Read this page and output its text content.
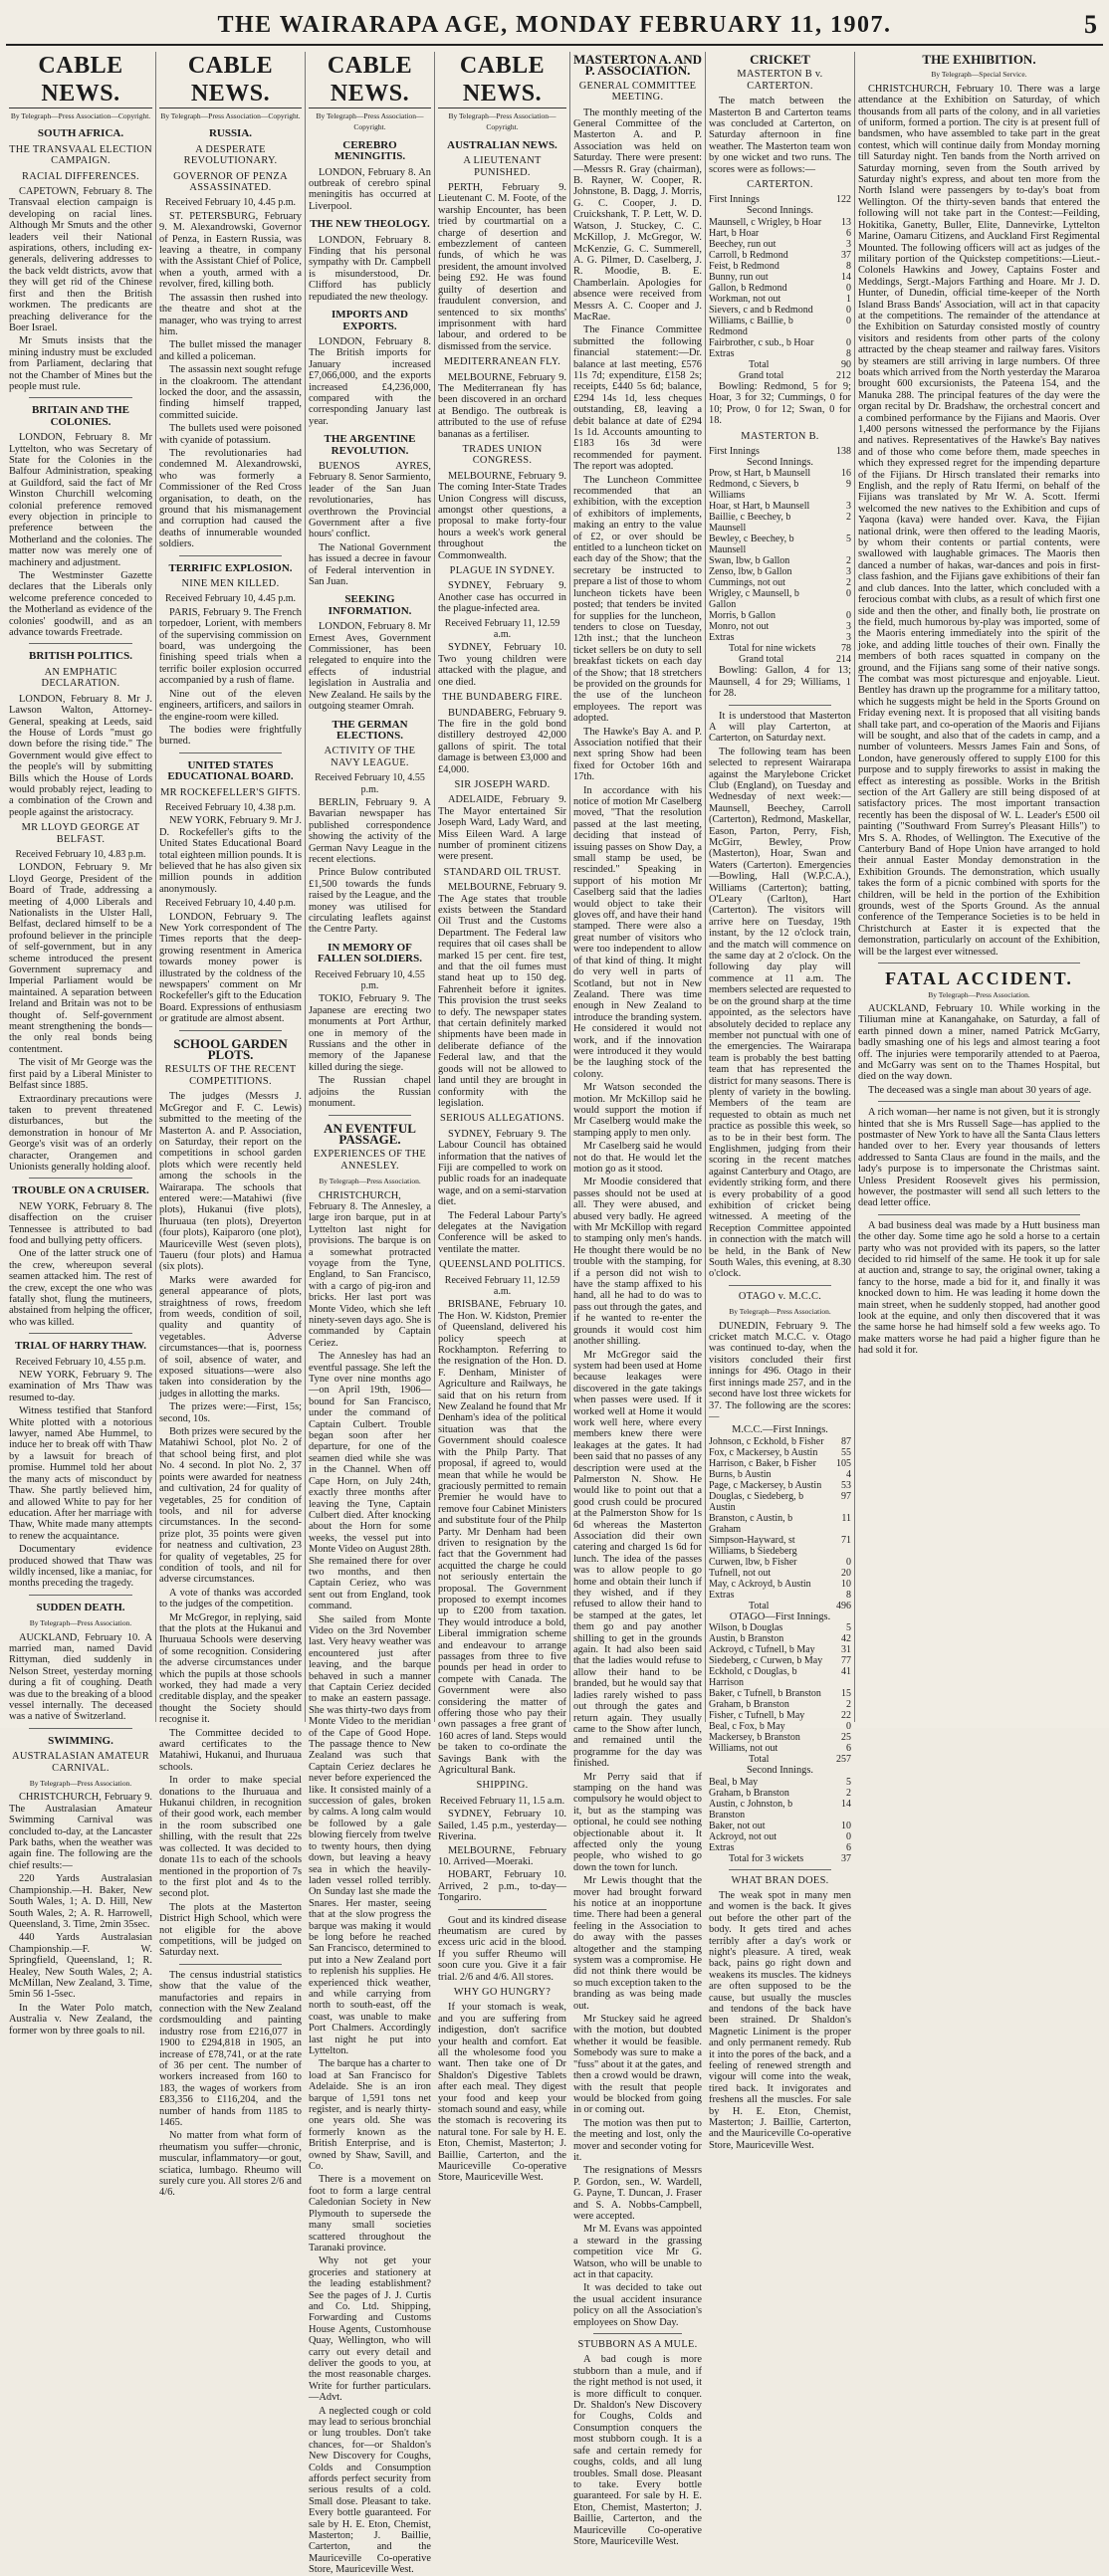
THE WAIRARAPA AGE, MONDAY FEBRUARY 11, 1907.	5
CABLE NEWS.
By Telegraph—Press Association—Copyright.
SOUTH AFRICA.
THE TRANSVAAL ELECTION CAMPAIGN.
RACIAL DIFFERENCES.

CAPETOWN, February 8. The Transvaal election campaign is developing on racial lines. Although Mr Smuts and the other leaders veil their National aspirations, others, including ex-generals, delivering addresses to the back veldt districts, avow that they will get rid of the Chinese first and then the British workmen. The predicants are preaching deliverance for the Boer Israel.

Mr Smuts insists that the mining industry must be excluded from Parliament, declaring that not the Chamber of Mines but the people must rule.

BRITAIN AND THE COLONIES.

LONDON, February 8. Mr Lyttelton, who was Secretary of State for the Colonies in the Balfour Administration, speaking at Guildford, said the fact of Mr Winston Churchill welcoming colonial preference removed every objection in principle to preference between the Motherland and the colonies. The matter now was merely one of machinery and adjustment.

The Westminster Gazette declares that the Liberals only welcome preference conceded to the Motherland as evidence of the colonies' goodwill, and as an advance towards Freetrade.

BRITISH POLITICS.
AN EMPHATIC DECLARATION.

LONDON, February 8. Mr J. Lawson Walton, Attorney-General, speaking at Leeds, said the House of Lords "must go down before the rising tide." The Government would give effect to the people's will by submitting Bills which the House of Lords would probably reject, leading to a combination of the Crown and people against the aristocracy.

MR LLOYD GEORGE AT BELFAST.
Received February 10, 4.83 p.m.

LONDON, February 9. Mr Lloyd George, President of the Board of Trade, addressing a meeting of 4,000 Liberals and Nationalists in the Ulster Hall, Belfast, declared himself to be a profound believer in the principle of self-government, but in any scheme introduced the present Government supremacy and Imperial Parliament would be maintained. A separation between Ireland and Britain was not to be thought of. Self-government meant strengthening the bonds—the only real bonds being contentment.

The visit of Mr George was the first paid by a Liberal Minister to Belfast since 1885.

Extraordinary precautions were taken to prevent threatened disturbances, but the demonstration in honour of Mr George's visit was of an orderly character, Orangemen and Unionists generally holding aloof.

TROUBLE ON A CRUISER.

NEW YORK, February 8. The disaffection on the cruiser Tennessee is attributed to bad food and bullying petty officers.

One of the latter struck one of the crew, whereupon several seamen attacked him. The rest of the crew, except the one who was fatally shot, flung the mutineers, abstained from helping the officer, who was killed.

TRIAL OF HARRY THAW.
Received February 10, 4.55 p.m.

NEW YORK, February 9. The examination of Mrs Thaw was resumed to-day.

Witness testified that Stanford White plotted with a notorious lawyer, named Abe Hummel, to induce her to break off with Thaw by a lawsuit for breach of promise. Hummel told her about the many acts of misconduct by Thaw. She partly believed him, and allowed White to pay for her education. After her marriage with Thaw, White made many attempts to renew the acquaintance.

Documentary evidence produced showed that Thaw was wildly incensed, like a maniac, for months preceding the tragedy.

SUDDEN DEATH.
By Telegraph—Press Association.

AUCKLAND, February 10. A married man, named David Rittyman, died suddenly in Nelson Street, yesterday morning during a fit of coughing. Death was due to the breaking of a blood vessel internally. The deceased was a native of Switzerland.

SWIMMING.
AUSTRALASIAN AMATEUR CARNIVAL.
By Telegraph—Press Association.

CHRISTCHURCH, February 9. The Australasian Amateur Swimming Carnival was concluded to-day, at the Lancaster Park baths, when the weather was again fine. The following are the chief results:—

220 Yards Australasian Championship.—H. Baker, New South Wales, 1; A. D. Hill, New South Wales, 2; A. R. Harrowell, Queensland, 3. Time, 2min 35sec.

440 Yards Australasian Championship.—F. W. Springfield, Queensland, 1; R. Healey, New South Wales, 2; A. McMillan, New Zealand, 3. Time, 5min 56 1-5sec.

In the Water Polo match, Australia v. New Zealand, the former won by three goals to nil.

CABLE NEWS.
By Telegraph—Press Association—Copyright.
RUSSIA.
A DESPERATE REVOLUTIONARY.
GOVERNOR OF PENZA ASSASSINATED.
Received February 10, 4.45 p.m.

ST. PETERSBURG, February 9. M. Alexandrowski, Governor of Penza, in Eastern Russia, was leaving a theatre, in company with the Assistant Chief of Police, when a youth, armed with a revolver, fired, killing both.

The assassin then rushed into the theatre and shot at the manager, who was trying to arrest him.

The bullet missed the manager and killed a policeman.

The assassin next sought refuge in the cloakroom. The attendant locked the door, and the assassin, finding himself trapped, committed suicide.

The bullets used were poisoned with cyanide of potassium.

The revolutionaries had condemned M. Alexandrowski, who was formerly a Commissioner of the Red Cross organisation, to death, on the ground that his mismanagement and corruption had caused the deaths of innumerable wounded soldiers.

TERRIFIC EXPLOSION.
NINE MEN KILLED.
Received February 10, 4.45 p.m.

PARIS, February 9. The French torpedoer, Lorient, with members of the supervising commission on board, was undergoing the finishing speed trials when a terrific boiler explosion occurred accompanied by a rush of flame.

Nine out of the eleven engineers, artificers, and sailors in the engine-room were killed.

The bodies were frightfully burned.

UNITED STATES EDUCATIONAL BOARD.
MR ROCKEFELLER'S GIFTS.
Received February 10, 4.38 p.m.

NEW YORK, February 9. Mr J. D. Rockefeller's gifts to the United States Educational Board total eighteen million pounds. It is believed that he has also given six million pounds in addition anonymously.

Received February 10, 4.40 p.m.

LONDON, February 9. The New York correspondent of The Times reports that the deep-growing resentment in America towards money power is illustrated by the coldness of the newspapers' comment on Mr Rockefeller's gift to the Education Board. Expressions of enthusiasm or gratitude are almost absent.

SCHOOL GARDEN PLOTS.
RESULTS OF THE RECENT COMPETITIONS.

The judges (Messrs J. McGregor and F. C. Lewis) submitted to the meeting of the Masterton A. and P. Association, on Saturday, their report on the competitions in school garden plots which were recently held among the schools in the Wairarapa. The schools that entered were:—Matahiwi (five plots), Hukanui (five plots), Ihuruaua (ten plots), Dreyerton (four plots), Kaiparoro (one plot), Mauriceville West (seven plots), Taueru (four plots) and Hamua (six plots).

Marks were awarded for general appearance of plots, straightness of rows, freedom from weeds, condition of soil, quality and quantity of vegetables. Adverse circumstances—that is, poorness of soil, absence of water, and exposed situations—were also taken into consideration by the judges in allotting the marks.

The prizes were:—First, 15s; second, 10s.

Both prizes were secured by the Matahiwi School, plot No. 2 of that school being first, and plot No. 4 second. In plot No. 2, 37 points were awarded for neatness and cultivation, 24 for quality of vegetables, 25 for condition of tools, and nil for adverse circumstances. In the second-prize plot, 35 points were given for neatness and cultivation, 23 for quality of vegetables, 25 for condition of tools, and nil for adverse circumstances.

A vote of thanks was accorded to the judges of the competition.

Mr McGregor, in replying, said that the plots at the Hukanui and Ihuruaua Schools were deserving of some recognition. Considering the adverse circumstances under which the pupils at those schools worked, they had made a very creditable display, and the speaker thought the Society should recognise it.

The Committee decided to award certificates to the Matahiwi, Hukanui, and Ihuruaua schools.

In order to make special donations to the Ihuruaua and Hukanui children, in recognition of their good work, each member in the room subscribed one shilling, with the result that 22s was collected. It was decided to donate 11s to each of the schools mentioned in the proportion of 7s to the first plot and 4s to the second plot.

The plots at the Masterton District High School, which were not eligible for the above competitions, will be judged on Saturday next.

The census industrial statistics show that the value of the manufactories and repairs in connection with the New Zealand cordsmoulding and painting industry rose from £216,077 in 1900 to £294,818 in 1905, an increase of £78,741, or at the rate of 36 per cent. The number of workers increased from 160 to 183, the wages of workers from £83,356 to £116,204, and the number of hands from 1185 to 1465.

No matter from what form of rheumatism you suffer—chronic, muscular, inflammatory—or gout, sciatica, lumbago. Rheumo will surely cure you. All stores 2/6 and 4/6.

CABLE NEWS.
By Telegraph—Press Association—Copyright.
CEREBRO MENINGITIS.

LONDON, February 8. An outbreak of cerebro spinal meningitis has occurred at Liverpool.

THE NEW THEOLOGY.

LONDON, February 8. Finding that his personal sympathy with Dr. Campbell is misunderstood, Dr. Clifford has publicly repudiated the new theology.

IMPORTS AND EXPORTS.

LONDON, February 8. The British imports for January increased £7,066,000, and the exports increased £4,236,000, compared with the corresponding January last year.

THE ARGENTINE REVOLUTION.

BUENOS AYRES, February 8. Senor Sarmiento, leader of the San Juan revolutionaries, has overthrown the Provincial Government after a five hours' conflict.

The National Government has issued a decree in favour of Federal intervention in San Juan.

SEEKING INFORMATION.

LONDON, February 8. Mr Ernest Aves, Government Commissioner, has been relegated to enquire into the effects of industrial legislation in Australia and New Zealand. He sails by the outgoing steamer Omrah.

THE GERMAN ELECTIONS.
ACTIVITY OF THE NAVY LEAGUE.
Received February 10, 4.55 p.m.

BERLIN, February 9. A Bavarian newspaper has published correspondence showing the activity of the German Navy League in the recent elections.

Prince Bulow contributed £1,500 towards the funds raised by the League, and the money was utilised for circulating leaflets against the Centre Party.

IN MEMORY OF FALLEN SOLDIERS.
Received February 10, 4.55 p.m.

TOKIO, February 9. The Japanese are erecting two monuments at Port Arthur, one in memory of the Russians and the other in memory of the Japanese killed during the siege.

The Russian chapel adjoins the Russian monument.

AN EVENTFUL PASSAGE.
EXPERIENCES OF THE ANNESLEY.
By Telegraph—Press Association.

CHRISTCHURCH, February 8. The Annesley, a large iron barque, put in at Lyttelton last night for provisions. The barque is on a somewhat protracted voyage from the Tyne, England, to San Francisco, with a cargo of pig-iron and bricks. Her last port was Monte Video, which she left ninety-seven days ago. She is commanded by Captain Ceriez.

The Annesley has had an eventful passage. She left the Tyne over nine months ago—on April 19th, 1906—bound for San Francisco, under the command of Captain Culbert. Trouble began soon after her departure, for one of the seamen died while she was in the Channel. When off Cape Horn, on July 24th, exactly three months after leaving the Tyne, Captain Culbert died. After knocking about the Horn for some weeks, the vessel put into Monte Video on August 28th. She remained there for over two months, and then Captain Ceriez, who was sent out from England, took command.

She sailed from Monte Video on the 3rd November last. Very heavy weather was encountered just after leaving, and the barque behaved in such a manner that Captain Ceriez decided to make an eastern passage. She was thirty-two days from Monte Video to the meridian of the Cape of Good Hope. The passage thence to New Zealand was such that Captain Ceriez declares he never before experienced the like. It consisted mainly of a succession of gales, broken by calms. A long calm would be followed by a gale blowing fiercely from twelve to twenty hours, then dying down, but leaving a heavy sea in which the heavily-laden vessel rolled terribly. On Sunday last she made the Snares. Her master, seeing that at the slow progress the barque was making it would be long before he reached San Francisco, determined to put into a New Zealand port to replenish his supplies. He experienced thick weather, and while carrying from north to south-east, off the coast, was unable to make Port Chalmers. Accordingly last night he put into Lyttelton.

The barque has a charter to load at San Francisco for Adelaide. She is an iron barque of 1,591 tons net register, and is nearly thirty-one years old. She was formerly known as the British Enterprise, and is owned by Shaw, Savill, and Co.

There is a movement on foot to form a large central Caledonian Society in New Plymouth to supersede the many small societies scattered throughout the Taranaki province.

Why not get your groceries and stationery at the leading establishment? See the pages of J. J. Curtis and Co. Ltd. Shipping, Forwarding and Customs House Agents, Customhouse Quay, Wellington, who will carry out every detail and deliver the goods to you, at the most reasonable charges. Write for further particulars.—Advt.

A neglected cough or cold may lead to serious bronchial or lung troubles. Don't take chances, for—or Shaldon's New Discovery for Coughs, Colds and Consumption affords perfect security from serious results of a cold. Small dose. Pleasant to take. Every bottle guaranteed. For sale by H. E. Eton, Chemist, Masterton; J. Baillie, Carterton, and the Mauriceville Co-operative Store, Mauriceville West.

CABLE NEWS.
By Telegraph—Press Association—Copyright.
AUSTRALIAN NEWS.
A LIEUTENANT PUNISHED.

PERTH, February 9. Lieutenant C. M. Foote, of the warship Encounter, has been tried by courtmartial on a charge of desertion and embezzlement of canteen funds, of which he was president, the amount involved being £92. He was found guilty of desertion and fraudulent conversion, and sentenced to six months' imprisonment with hard labour, and ordered to be dismissed from the service.

MEDITERRANEAN FLY.

MELBOURNE, February 9. The Mediterranean fly has been discovered in an orchard at Bendigo. The outbreak is attributed to the use of refuse bananas as a fertiliser.

TRADES UNION CONGRESS.

MELBOURNE, February 9. The coming Inter-State Trades Union Congress will discuss, amongst other questions, a proposal to make forty-four hours a week's work general throughout the Commonwealth.

PLAGUE IN SYDNEY.

SYDNEY, February 9. Another case has occurred in the plague-infected area.

Received February 11, 12.59 a.m.

SYDNEY, February 10. Two young children were attacked with the plague, and one died.

THE BUNDABERG FIRE.

BUNDABERG, February 9. The fire in the gold bond distillery destroyed 42,000 gallons of spirit. The total damage is between £3,000 and £4,000.

SIR JOSEPH WARD.

ADELAIDE, February 9. The Mayor entertained Sir Joseph Ward, Lady Ward, and Miss Eileen Ward. A large number of prominent citizens were present.

STANDARD OIL TRUST.

MELBOURNE, February 9. The Age states that trouble exists between the Standard Oil Trust and the Customs Department. The Federal law requires that oil cases shall be marked 15 per cent. fire test, and that the oil fumes must stand heat up to 150 deg. Fahrenheit before it ignites. This provision the trust seeks to defy. The newspaper states that certain definitely marked shipments have been made in deliberate defiance of the Federal law, and that the goods will not be allowed to land until they are brought in conformity with the legislation.

SERIOUS ALLEGATIONS.

SYDNEY, February 9. The Labour Council has obtained information that the natives of Fiji are compelled to work on public roads for an inadequate wage, and on a semi-starvation diet.

The Federal Labour Party's delegates at the Navigation Conference will be asked to ventilate the matter.

QUEENSLAND POLITICS.
Received February 11, 12.59 a.m.

BRISBANE, February 10. The Hon. W. Kidston, Premier of Queensland, delivered his policy speech at Rockhampton. Referring to the resignation of the Hon. D. F. Denham, Minister of Agriculture and Railways, he said that on his return from New Zealand he found that Mr Denham's idea of the political situation was that the Government should coalesce with the Philp Party. That proposal, if agreed to, would mean that while he would be graciously permitted to remain Premier he would have to remove four Cabinet Ministers and substitute four of the Philp Party. Mr Denham had been driven to resignation by the fact that the Government had acquitted the charge he could not seriously entertain the proposal. The Government proposed to exempt incomes up to £200 from taxation. They would introduce a bold, Liberal immigration scheme and endeavour to arrange passages from three to five pounds per head in order to compete with Canada. The Government were also considering the matter of offering those who pay their own passages a free grant of 160 acres of land. Steps would be taken to co-ordinate the Savings Bank with the Agricultural Bank.

SHIPPING.
Received February 11, 1.5 a.m.

SYDNEY, February 10. Sailed, 1.45 p.m., yesterday—Riverina.

MELBOURNE, February 10. Arrived—Moeraki.

HOBART, February 10. Arrived, 2 p.m., to-day—Tongariro.

Gout and its kindred disease rheumatism are cured by excess uric acid in the blood. If you suffer Rheumo will soon cure you. Give it a fair trial. 2/6 and 4/6. All stores.

WHY GO HUNGRY?

If your stomach is weak, and you are suffering from indigestion, don't sacrifice your health and comfort. Eat all the wholesome food you want. Then take one of Dr Shaldon's Digestive Tablets after each meal. They digest your food and keep your stomach sound and easy, while the stomach is recovering its natural tone. For sale by H. E. Eton, Chemist, Masterton; J. Baillie, Carterton, and the Mauriceville Co-operative Store, Mauriceville West.

MASTERTON A. AND P. ASSOCIATION.
GENERAL COMMITTEE MEETING.

The monthly meeting of the General Committee of the Masterton A. and P. Association was held on Saturday. There were present:—Messrs R. Gray (chairman), B. Rayner, W. Cooper, R. Johnstone, B. Dagg, J. Morris, G. C. Cooper, J. D. Cruickshank, T. P. Lett, W. D. Watson, J. Stuckey, C. C. McKillop, J. McGregor, W. McKenzie, G. C. Summerell, A. G. Pilmer, D. Caselberg, J. R. Moodie, B. E. Chamberlain. Apologies for absence were received from Messrs A. C. Cooper and J. MacRae.

The Finance Committee submitted the following financial statement:—Dr. balance at last meeting, £576 11s 7d; expenditure, £158 2s; receipts, £440 5s 6d; balance, £294 14s 1d, less cheques outstanding, £8, leaving a debit balance at date of £294 1s 1d. Accounts amounting to £183 16s 3d were recommended for payment. The report was adopted.

The Luncheon Committee recommended that an exhibition, with the exception of exhibitors of implements, making an entry to the value of £2, or over should be entitled to a luncheon ticket on each day of the Show; that the secretary be instructed to prepare a list of those to whom luncheon tickets have been posted; that tenders be invited for supplies for the luncheon, tenders to close on Tuesday, 12th inst.; that the luncheon ticket sellers be on duty to sell breakfast tickets on each day of the Show; that 18 stretchers be provided on the grounds for the use of the luncheon employees. The report was adopted.

The Hawke's Bay A. and P. Association notified that their next spring Show had been fixed for October 16th and 17th.

In accordance with his notice of motion Mr Caselberg moved, "That the resolution passed at the last meeting, deciding that instead of issuing passes on Show Day, a small stamp be used, be rescinded." Speaking in support of his motion Mr Caselberg said that the ladies would object to take their gloves off, and have their hand stamped. There were also a great number of visitors who were too independent to allow of that kind of thing. It might do very well in parts of Scotland, but not in New Zealand. There was time enough in New Zealand to introduce the branding system. He considered it would not work, and if the innovation were introduced it they would be the laughing stock of the colony.

Mr Watson seconded the motion. Mr McKillop said he would support the motion if Mr Caselberg would make the stamping apply to men only.

Mr Caselberg said he would not do that. He would let the motion go as it stood.

Mr Moodie considered that passes should not be used at all. They were abused, and abused very badly. He agreed with Mr McKillop with regard to stamping only men's hands. He thought there would be no trouble with the stamping, for if a person did not wish to have the stamp affixed to his hand, all he had to do was to pass out through the gates, and if he wanted to re-enter the grounds it would cost him another shilling.

Mr McGregor said the system had been used at Home because leakages were discovered in the gate takings when passes were used. If it worked well at Home it would work well here, where every members knew there were leakages at the gates. It had been said that no passes of any description were used at the Palmerston N. Show. He would like to point out that a good crush could be procured at the Palmerston Show for 1s 6d whereas the Masterton Association did their own catering and charged 1s 6d for lunch. The idea of the passes was to allow people to go home and obtain their lunch if they wished, and if they refused to allow their hand to be stamped at the gates, let them go and pay another shilling to get in the grounds again. It had also been said that the ladies would refuse to allow their hand to be branded, but he would say that ladies rarely wished to pass out through the gates and return again. They usually came to the Show after lunch, and remained until the programme for the day was finished.

Mr Perry said that if stamping on the hand was compulsory he would object to it, but as the stamping was optional, he could see nothing objectionable about it. It affected only the young people, who wished to go down the town for lunch.

Mr Lewis thought that the mover had brought forward his notice at an inopportune time. There had been a general feeling in the Association to do away with the passes altogether and the stamping system was a compromise. He did not think there would be so much exception taken to the branding as was being made out.

Mr Stuckey said he agreed with the motion, but doubted whether it would be feasible. Somebody was sure to make a "fuss" about it at the gates, and then a crowd would be drawn, with the result that people would be blocked from going in or coming out.

The motion was then put to the meeting and lost, only the mover and seconder voting for it.

The resignations of Messrs P. Gordon, sen., W. Wardell, G. Payne, T. Duncan, J. Fraser and S. A. Nobbs-Campbell, were accepted.

Mr M. Evans was appointed a steward in the grassing competition vice Mr G. Watson, who will be unable to act in that capacity.

It was decided to take out the usual accident insurance policy on all the Association's employees on Show Day.

STUBBORN AS A MULE.

A bad cough is more stubborn than a mule, and if the right method is not used, it is more difficult to conquer. Dr. Shaldon's New Discovery for Coughs, Colds and Consumption conquers the most stubborn cough. It is a safe and certain remedy for coughs, colds, and all lung troubles. Small dose. Pleasant to take. Every bottle guaranteed. For sale by H. E. Eton, Chemist, Masterton; J. Baillie, Carterton, and the Mauriceville Co-operative Store, Mauriceville West.

CRICKET
MASTERTON B v. CARTERTON.

The match between the Masterton B and Carterton teams was concluded at Carterton, on Saturday afternoon in fine weather. The Masterton team won by one wicket and two runs. The scores were as follows:—

CARTERTON.
First Innings	122
Second Innings.
Maunsell, c Wrigley, b Hoar	13
Hart, b Hoar	6
Beechey, run out	3
Carroll, b Redmond	37
Feist, b Redmond	8
Bunny, run out	14
Gallon, b Redmond	0
Workman, not out	1
Sievers, c and b Redmond	0
Williams, c Baillie, b Redmond	0
Fairbrother, c sub., b Hoar	0
Extras	8
Total	90
Grand total	212

Bowling: Redmond, 5 for 9; Hoar, 3 for 32; Cummings, 0 for 10; Prow, 0 for 12; Swan, 0 for 18.

MASTERTON B.
First Innings	138
Second Innings.
Prow, st Hart, b Maunsell	16
Redmond, c Sievers, b Williams	9
Hoar, st Hart, b Maunsell	3
Baillie, c Beechey, b Maunsell	2
Bewley, c Beechey, b Maunsell	5
Swan, lbw, b Gallon	2
Zenso, lbw, b Gallon	3
Cummings, not out	2
Wrigley, c Maunsell, b Gallon	0
Morris, b Gallon	0
Monro, not out	3
Extras	3
Total for nine wickets	78
Grand total	214

Bowling: Gallon, 4 for 13; Maunsell, 4 for 29; Williams, 1 for 28.

It is understood that Masterton A will play Carterton, at Carterton, on Saturday next.

The following team has been selected to represent Wairarapa against the Marylebone Cricket Club (England), on Tuesday and Wednesday of next week:—Maunsell, Beechey, Carroll (Carterton), Redmond, Maskellar, Eason, Parton, Perry, Fish, McGirr, Bewley, Prow (Masterton), Hoar, Swan and Waters (Carterton). Emergencies—Bowling, Hall (W.P.C.A.), Williams (Carterton); batting, O'Leary (Carlton), Hart (Carterton). The visitors will arrive here on Tuesday, 19th instant, by the 12 o'clock train, and the match will commence on the same day at 2 o'clock. On the following day play will commence at 11 a.m. The members selected are requested to be on the ground sharp at the time appointed, as the selectors have absolutely decided to replace any member not punctual with one of the emergencies. The Wairarapa team is probably the best batting team that has represented the district for many seasons. There is plenty of variety in the bowling. Members of the team are requested to obtain as much net practice as possible this week, so as to be in their best form. The Englishmen, judging from their scoring in the recent matches against Canterbury and Otago, are evidently striking form, and there is every probability of a good exhibition of cricket being witnessed. A meeting of the Reception Committee appointed in connection with the match will be held, in the Bank of New South Wales, this evening, at 8.30 o'clock.

OTAGO v. M.C.C.
By Telegraph—Press Association.

DUNEDIN, February 9. The cricket match M.C.C. v. Otago was continued to-day, when the visitors concluded their first innings for 496. Otago in their first innings made 257, and in the second have lost three wickets for 37. The following are the scores:—

M.C.C.—First Innings.
Johnson, c Eckhold, b Fisher	87
Fox, c Mackersey, b Austin	55
Harrison, c Baker, b Fisher	105
Burns, b Austin	4
Page, c Mackersey, b Austin	53
Douglas, c Siedeberg, b Austin	97
Branston, c Austin, b Graham	11
Simpson-Hayward, st Williams, b Siedeberg	71
Curwen, lbw, b Fisher	0
Tufnell, not out	20
May, c Ackroyd, b Austin	10
Extras	8
Total	496
OTAGO—First Innings.
Wilson, b Douglas	5
Austin, b Branston	42
Ackroyd, c Tufnell, b May	31
Siedeberg, c Curwen, b May	77
Eckhold, c Douglas, b Harrison	41
Baker, c Tufnell, b Branston	15
Graham, b Branston	2
Fisher, c Tufnell, b May	22
Beal, c Fox, b May	0
Mackersey, b Branston	25
Williams, not out	6
Total	257
Second Innings.
Beal, b May	5
Graham, b Branston	2
Austin, c Johnston, b Branston	14
Baker, not out	10
Ackroyd, not out	0
Extras	6
Total for 3 wickets	37
WHAT BRAN DOES.

The weak spot in many men and women is the back. It gives out before the other part of the body. It gets tired and aches terribly after a day's work or night's pleasure. A tired, weak back, pains go right down and weakens its muscles. The kidneys are often supposed to be the cause, but usually the muscles and tendons of the back have been strained. Dr Shaldon's Magnetic Liniment is the proper and only permanent remedy. Rub it into the pores of the back, and a feeling of renewed strength and vigour will come into the weak, tired back. It invigorates and freshens all the muscles. For sale by H. E. Eton, Chemist, Masterton; J. Baillie, Carterton, and the Mauriceville Co-operative Store, Mauriceville West.

THE EXHIBITION.
By Telegraph—Special Service.

CHRISTCHURCH, February 10. There was a large attendance at the Exhibition on Saturday, of which thousands from all parts of the colony, and in all varieties of uniform, formed a portion. The city is at present full of bandsmen, who have assembled to take part in the great contest, which will continue daily from Monday morning till Saturday night. Ten bands from the North arrived on Saturday morning, seven from the South arrived by Saturday night's express, and about ten more from the North Island were passengers by to-day's boat from Wellington. Of the thirty-seven bands that entered the following will not take part in the Contest:—Feilding, Hokitika, Ganetty, Buller, Elite, Dannevirke, Lyttelton Marine, Oamaru Citizens, and Auckland First Regimental Mounted. The following officers will act as judges of the military portion of the Quickstep competitions:—Lieut.-Colonels Hawkins and Jowey, Captains Foster and Meddings, Sergt.-Majors Farthing and Hoare. Mr J. D. Hunter, of Dunedin, official time-keeper of the North Island Brass Bands' Association, will act in that capacity at the competitions. The remainder of the attendance at the Exhibition on Saturday consisted mostly of country visitors and residents from other parts of the colony attracted by the cheap steamer and railway fares. Visitors by steamers are still arriving in large numbers. Of three boats which arrived from the North yesterday the Mararoa brought 600 excursionists, the Pateena 154, and the Manuka 288. The principal features of the day were the organ recital by Dr. Bradshaw, the orchestral concert and a combined performance by the Fijians and Maoris. Over 1,400 persons witnessed the performance by the Fijians and natives. Representatives of the Hawke's Bay natives and of those who come before them, made speeches in which they expressed regret for the impending departure of the Fijians. Dr Hirsch translated their remarks into English, and the reply of Ratu Ifermi, on behalf of the Fijians was translated by Mr W. A. Scott. Ifermi welcomed the new natives to the Exhibition and cups of Yaqona (kava) were handed over. Kava, the Fijian national drink, were then offered to the leading Maoris, by whom their contents or partial contents, were swallowed with laughable grimaces. The Maoris then danced a number of hakas, war-dances and pois in first-class fashion, and the Fijians gave exhibitions of their fan and club dances. Into the latter, which concluded with a ferocious combat with clubs, as a result of which first one side and then the other, and finally both, lie prostrate on the field, much humorous by-play was imported, some of the Maoris entering immediately into the spirit of the joke, and adding little touches of their own. Finally the members of both races squatted in company on the ground, and the Fijians sang some of their native songs. The combat was most picturesque and enjoyable. Lieut. Bentley has drawn up the programme for a military tattoo, which he suggests might be held in the Sports Ground on Friday evening next. It is proposed that all visiting bands shall take part, and co-operation of the Maoris and Fijians will be sought, and also that of the cadets in camp, and a number of volunteers. Messrs James Fain and Sons, of London, have generously offered to supply £100 for this purpose and to supply fireworks to assist in making the effect as interesting as possible. Works in the British section of the Art Gallery are still being disposed of at satisfactory prices. The most important transaction recently has been the disposal of W. L. Leader's £500 oil painting ("Southward From Surrey's Pleasant Hills") to Mrs S. A. Rhodes, of Wellington. The Executive of the Canterbury Band of Hope Union have arranged to hold their annual Easter Monday demonstration in the Exhibition Grounds. The demonstration, which usually takes the form of a picnic combined with sports for the children, will be held in the portion of the Exhibition grounds, west of the Sports Ground. As the annual conference of the Temperance Societies is to be held in Christchurch at Easter it is expected that the demonstration, particularly on account of the Exhibition, will be the largest ever witnessed.

FATAL ACCIDENT.
By Telegraph—Press Association.

AUCKLAND, February 10. While working in the Tiliuman mine at Kanangahake, on Saturday, a fall of earth pinned down a miner, named Patrick McGarry, badly smashing one of his legs and almost tearing a foot off. The injuries were temporarily attended to at Paeroa, and McGarry was sent on to the Thames Hospital, but died on the way down.

The deceased was a single man about 30 years of age.

A rich woman—her name is not given, but it is strongly hinted that she is Mrs Russell Sage—has applied to the postmaster of New York to have all the Santa Claus letters handed over to her. Every year thousands of letters addressed to Santa Claus are found in the mails, and the lady's purpose is to impersonate the Christmas saint. Unless President Roosevelt gives his permission, however, the postmaster will send all such letters to the dead letter office.

A bad business deal was made by a Hutt business man the other day. Some time ago he sold a horse to a certain party who was not provided with its papers, so the latter decided to rid himself of the same. He took it up for sale at auction and, strange to say, the original owner, taking a fancy to the horse, made a bid for it, and finally it was knocked down to him. He was leading it home down the main street, when he suddenly stopped, had another good look at the equine, and only then discovered that it was the same horse he had himself sold a few weeks ago. To make matters worse he had paid a higher figure than he had sold it for.
